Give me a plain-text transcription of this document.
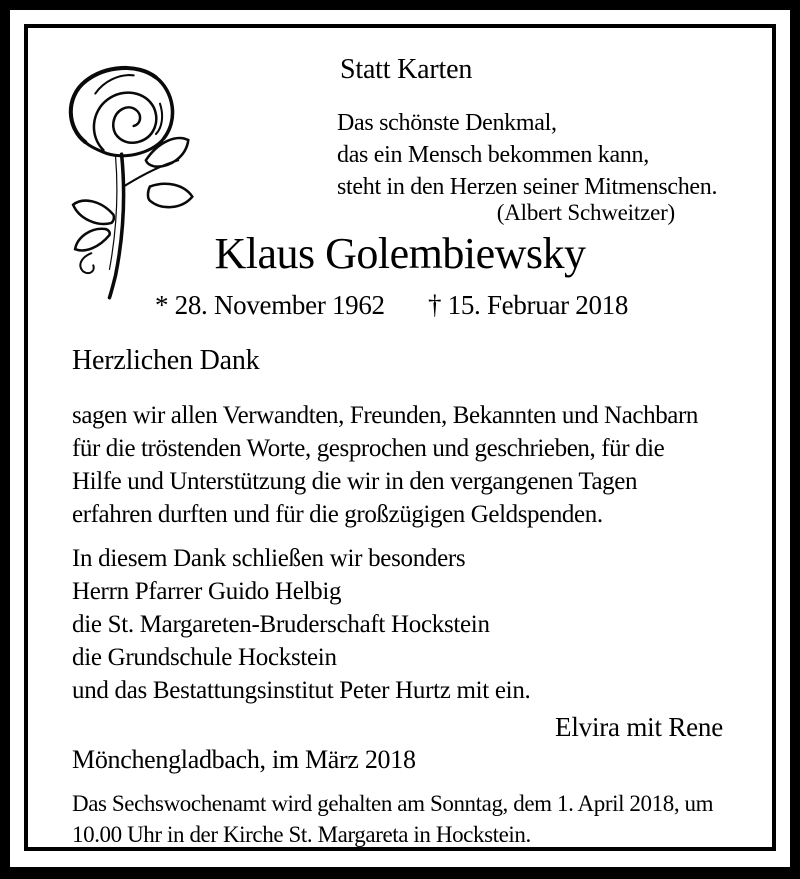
Statt Karten
Das schönste Denkmal,
das ein Mensch bekommen kann,
steht in den Herzen seiner Mitmenschen.
(Albert Schweitzer)
Klaus Golembiewsky
* 28. November 1962 † 15. Februar 2018
Herzlichen Dank
sagen wir allen Verwandten, Freunden, Bekannten und Nachbarn
für die tröstenden Worte, gesprochen und geschrieben, für die
Hilfe und Unterstützung die wir in den vergangenen Tagen
erfahren durften und für die großzügigen Geldspenden.
In diesem Dank schließen wir besonders
Herrn Pfarrer Guido Helbig
die St. Margareten-Bruderschaft Hockstein
die Grundschule Hockstein
und das Bestattungsinstitut Peter Hurtz mit ein.
Elvira mit Rene
Mönchengladbach, im März 2018
Das Sechswochenamt wird gehalten am Sonntag, dem 1. April 2018, um
10.00 Uhr in der Kirche St. Margareta in Hockstein.
